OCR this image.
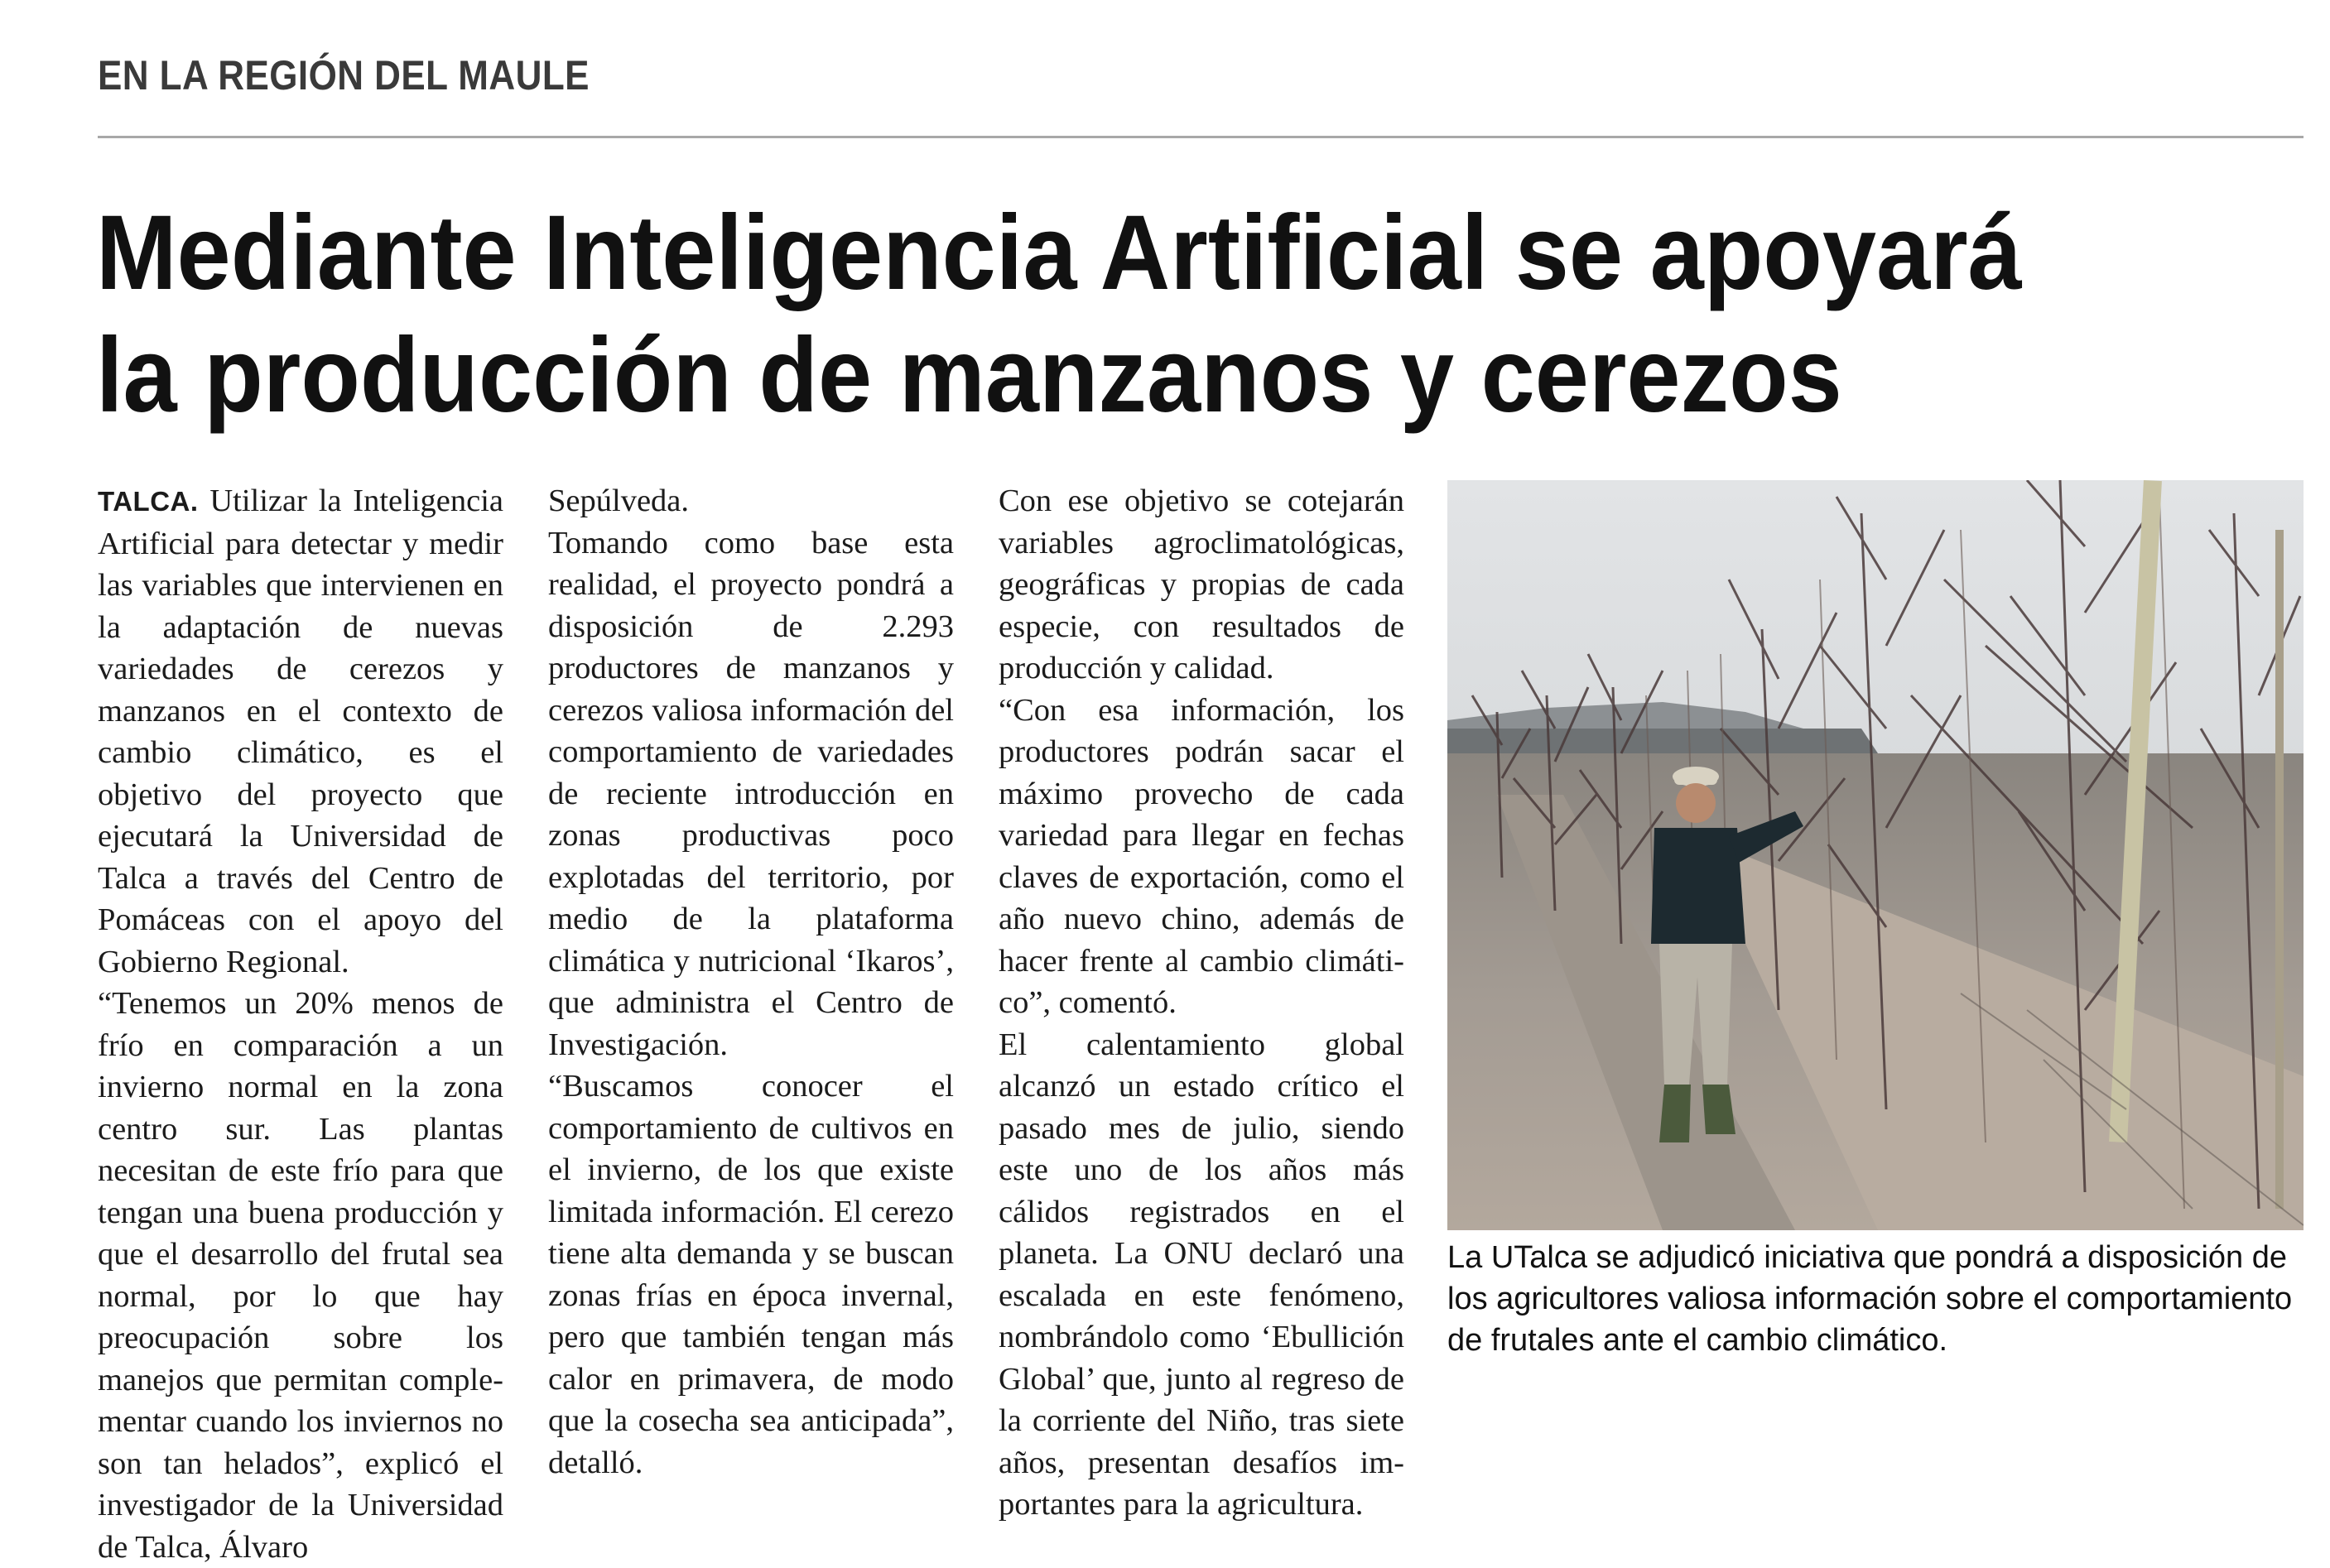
EN LA REGIÓN DEL MAULE
Mediante Inteligencia Artificial se apoyará
la producción de manzanos y cerezos

TALCA. Utilizar la Inteligencia Artificial para detectar y medir las variables que intervienen en la adaptación de nuevas variedades de cerezos y manzanos en el contexto de cambio climático, es el objetivo del proyecto que ejecutará la Universidad de Talca a través del Centro de Pomáceas con el apoyo del Gobierno Regional.

“Tenemos un 20% menos de frío en comparación a un invierno normal en la zona centro sur. Las plantas necesitan de este frío para que tengan una buena producción y que el desarrollo del frutal sea normal, por lo que hay preocupación sobre los manejos que permitan complementar cuando los inviernos no son tan helados”, explicó el investigador de la Universidad de Talca, Álvaro

Sepúlveda.

Tomando como base esta realidad, el proyecto pondrá a disposición de 2.293 productores de manzanos y cerezos valiosa información del comportamiento de variedades de reciente introducción en zonas productivas poco explotadas del territorio, por medio de la plataforma climática y nutricional ‘Ikaros’, que administra el Centro de Investigación.

“Buscamos conocer el comportamiento de cultivos en el invierno, de los que existe limitada información. El cerezo tiene alta demanda y se buscan zonas frías en época invernal, pero que también tengan más calor en primavera, de modo que la cosecha sea anticipada”, detalló.

Con ese objetivo se cotejarán variables agroclimatológicas, geográficas y propias de cada especie, con resultados de producción y calidad.

“Con esa información, los productores podrán sacar el máximo provecho de cada variedad para llegar en fechas claves de exportación, como el año nuevo chino, además de hacer frente al cambio climático”, comentó.

El calentamiento global alcanzó un estado crítico el pasado mes de julio, siendo este uno de los años más cálidos registrados en el planeta. La ONU declaró una escalada en este fenómeno, nombrándolo como ‘Ebullición Global’ que, junto al regreso de la corriente del Niño, tras siete años, presentan desafíos importantes para la agricultura.

La UTalca se adjudicó iniciativa que pondrá a disposición de los agricultores valiosa información sobre el comportamiento de frutales ante el cambio climático.
